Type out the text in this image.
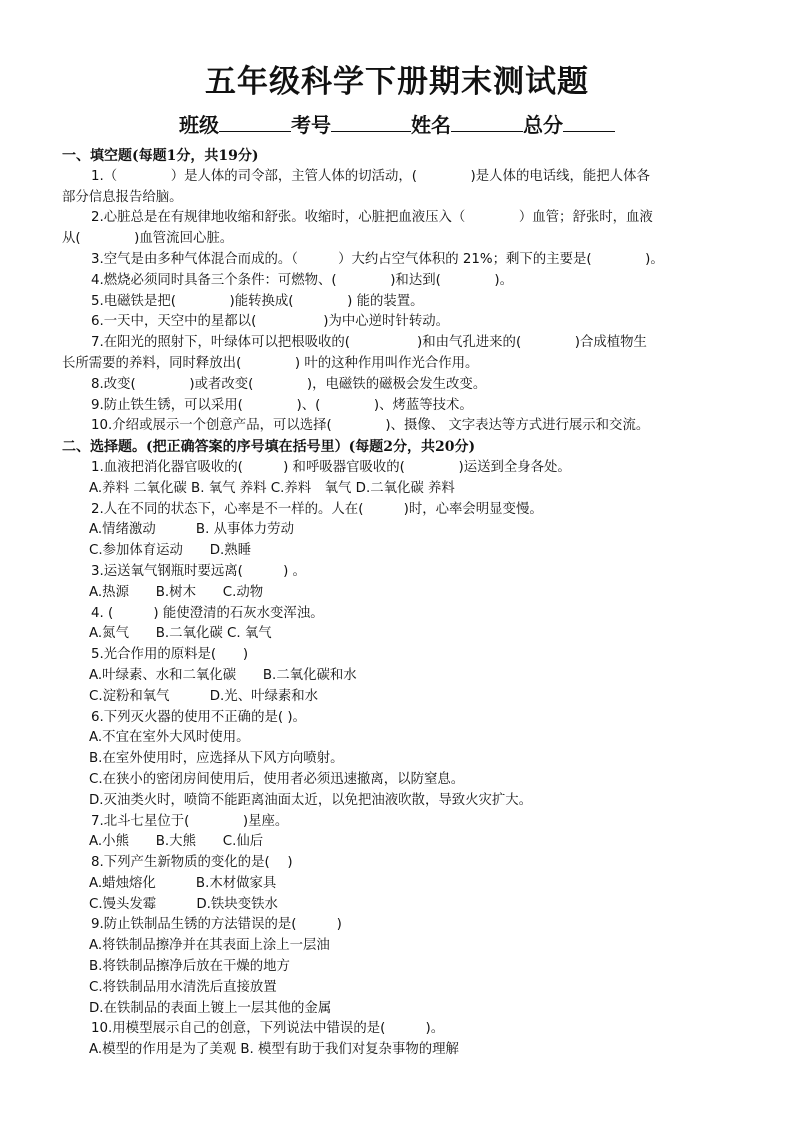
五年级科学下册期末测试题
班级	考号	姓名	总分
一、填空题(每题1分，共19分)
1.（　　　　）是人体的司令部，主管人体的切活动，(　　　　)是人体的电话线，能把人体各
部分信息报告给脑。
2.心脏总是在有规律地收缩和舒张。收缩时，心脏把血液压入（　　　　）血管；舒张时，血液
从(　　　　)血管流回心脏。
3.空气是由多种气体混合而成的。（　　　）大约占空气体积的 21%；剩下的主要是(　　　　)。
4.燃烧必须同时具备三个条件：可燃物、(　　　　)和达到(　　　　)。
5.电磁铁是把(　　　　)能转换成(　　　　) 能的装置。
6.一天中，天空中的星都以(　　　　　)为中心逆时针转动。
7.在阳光的照射下，叶绿体可以把根吸收的(　　　　　)和由气孔进来的(　　　　)合成植物生
长所需要的养料，同时释放出(　　　　) 叶的这种作用叫作光合作用。
8.改变(　　　　)或者改变(　　　　)，电磁铁的磁极会发生改变。
9.防止铁生锈，可以采用(　　　　)、(　　　　)、烤蓝等技术。
10.介绍或展示一个创意产品，可以选择(　　　　)、摄像、 文字表达等方式进行展示和交流。
二、选择题。(把正确答案的序号填在括号里）(每题2分，共20分)
1.血液把消化器官吸收的(　　　) 和呼吸器官吸收的(　　　　)运送到全身各处。
A.养料 二氧化碳 B. 氧气 养料 C.养料　氧气 D.二氧化碳 养料
2.人在不同的状态下，心率是不一样的。人在(　　　)时，心率会明显变慢。
A.情绪激动　　　B. 从事体力劳动
C.参加体育运动　　D.熟睡
3.运送氧气钢瓶时要远离(　　　) 。
A.热源　　B.树木　　C.动物
4. (　　　) 能使澄清的石灰水变浑浊。
A.氮气　　B.二氧化碳 C. 氧气
5.光合作用的原料是(　　)
A.叶绿素、水和二氧化碳　　B.二氧化碳和水
C.淀粉和氧气　　　D.光、叶绿素和水
6.下列灭火器的使用不正确的是( )。
A.不宜在室外大风时使用。
B.在室外使用时，应选择从下风方向喷射。
C.在狭小的密闭房间使用后，使用者必须迅速撤离，以防窒息。
D.灭油类火时，喷筒不能距离油面太近，以免把油液吹散，导致火灾扩大。
7.北斗七星位于(　　　　)星座。
A.小熊　　B.大熊　　C.仙后
8.下列产生新物质的变化的是(　 )
A.蜡烛熔化　　　B.木材做家具
C.馒头发霉　　　D.铁块变铁水
9.防止铁制品生锈的方法错误的是(　　　)
A.将铁制品擦净并在其表面上涂上一层油
B.将铁制品擦净后放在干燥的地方
C.将铁制品用水清洗后直接放置
D.在铁制品的表面上镀上一层其他的金属
10.用模型展示自己的创意，下列说法中错误的是(　　　)。
A.模型的作用是为了美观 B. 模型有助于我们对复杂事物的理解
